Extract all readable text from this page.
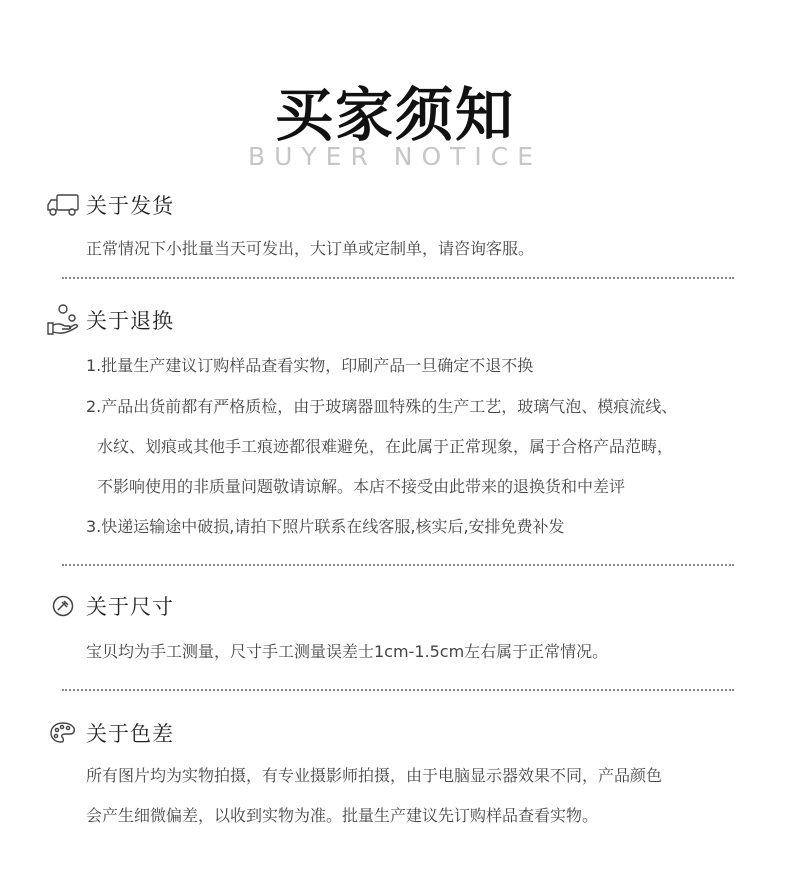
买家须知
BUYER NOTICE
关于发货
正常情况下小批量当天可发出，大订单或定制单，请咨询客服。
关于退换
1.批量生产建议订购样品查看实物，印刷产品一旦确定不退不换
2.产品出货前都有严格质检，由于玻璃器皿特殊的生产工艺，玻璃气泡、模痕流线、
水纹、划痕或其他手工痕迹都很难避免，在此属于正常现象，属于合格产品范畴，
不影响使用的非质量问题敬请谅解。本店不接受由此带来的退换货和中差评
3.快递运输途中破损,请拍下照片联系在线客服,核实后,安排免费补发
关于尺寸
宝贝均为手工测量，尺寸手工测量误差士1cm-1.5cm左右属于正常情况。
关于色差
所有图片均为实物拍摄，有专业摄影师拍摄，由于电脑显示器效果不同，产品颜色
会产生细微偏差，以收到实物为准。批量生产建议先订购样品查看实物。
